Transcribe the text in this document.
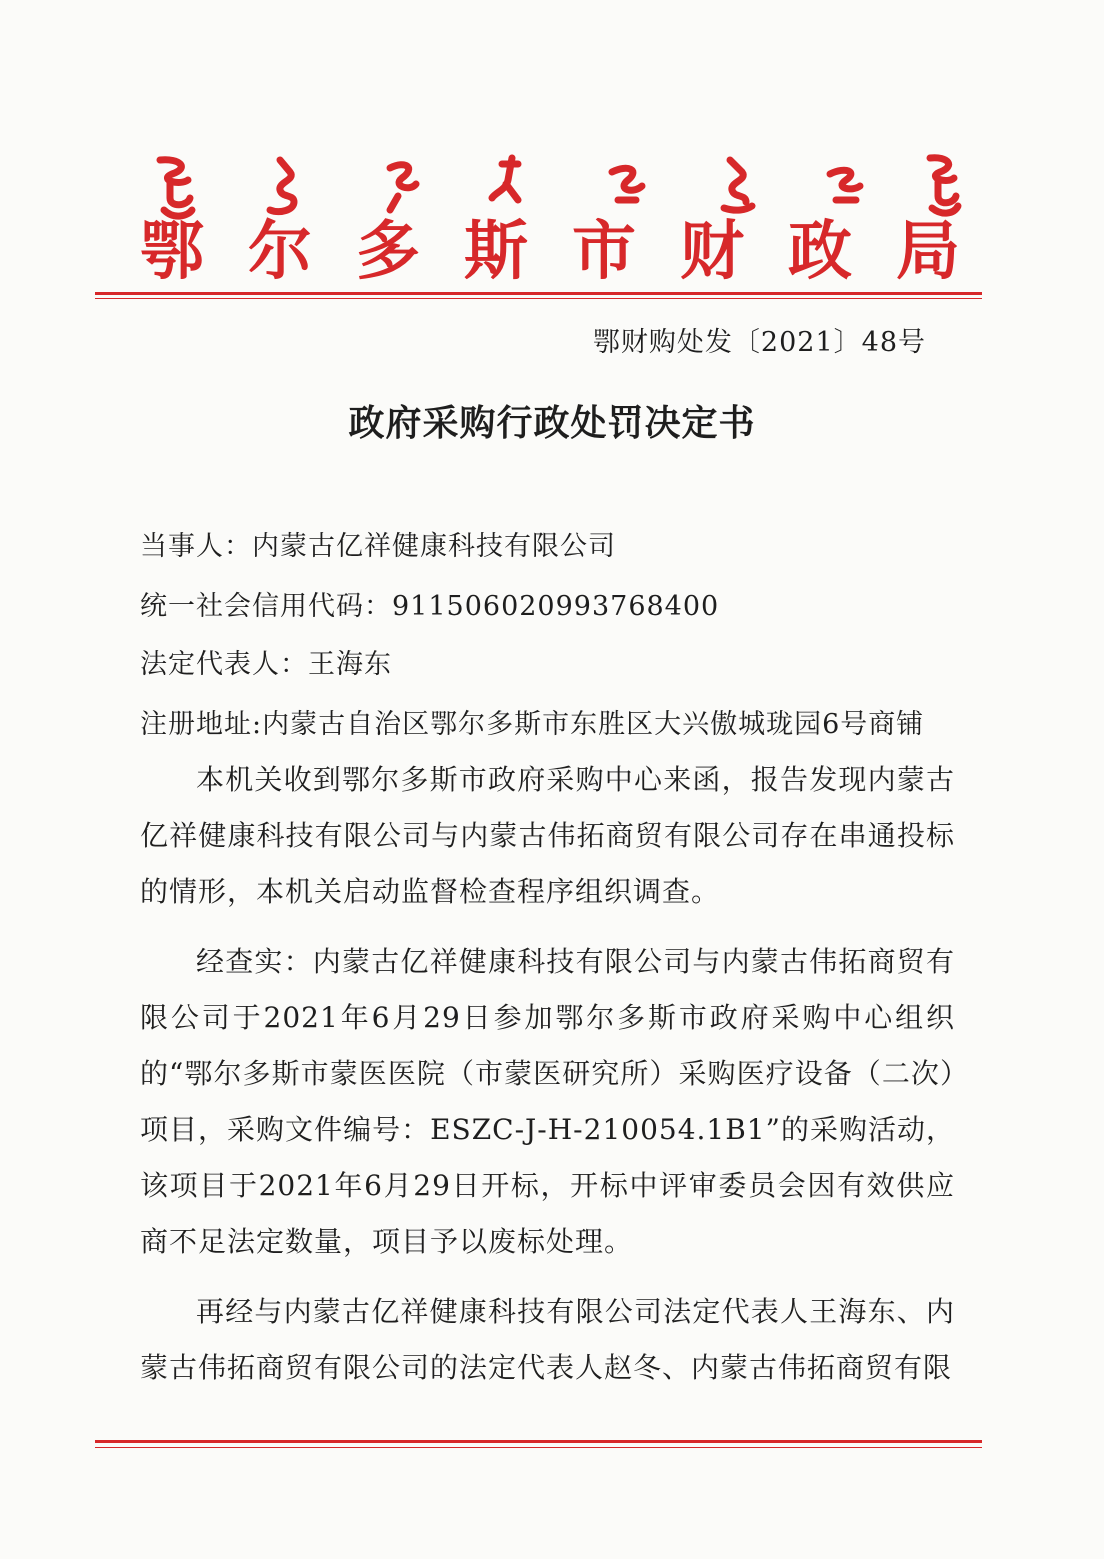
鄂 尔 多 斯 市 财 政 局
鄂财购处发〔2021〕48号
政府采购行政处罚决定书
当事人：内蒙古亿祥健康科技有限公司
统一社会信用代码：911506020993768400
法定代表人：王海东
注册地址:内蒙古自治区鄂尔多斯市东胜区大兴傲城珑园6号商铺

本机关收到鄂尔多斯市政府采购中心来函，报告发现内蒙古亿祥健康科技有限公司与内蒙古伟拓商贸有限公司存在串通投标的情形，本机关启动监督检查程序组织调查。

经查实：内蒙古亿祥健康科技有限公司与内蒙古伟拓商贸有限公司于2021年6月29日参加鄂尔多斯市政府采购中心组织的“鄂尔多斯市蒙医医院（市蒙医研究所）采购医疗设备（二次）项目，采购文件编号：ESZC-J-H-210054.1B1”的采购活动，该项目于2021年6月29日开标，开标中评审委员会因有效供应商不足法定数量，项目予以废标处理。

再经与内蒙古亿祥健康科技有限公司法定代表人王海东、内蒙古伟拓商贸有限公司的法定代表人赵冬、内蒙古伟拓商贸有限
